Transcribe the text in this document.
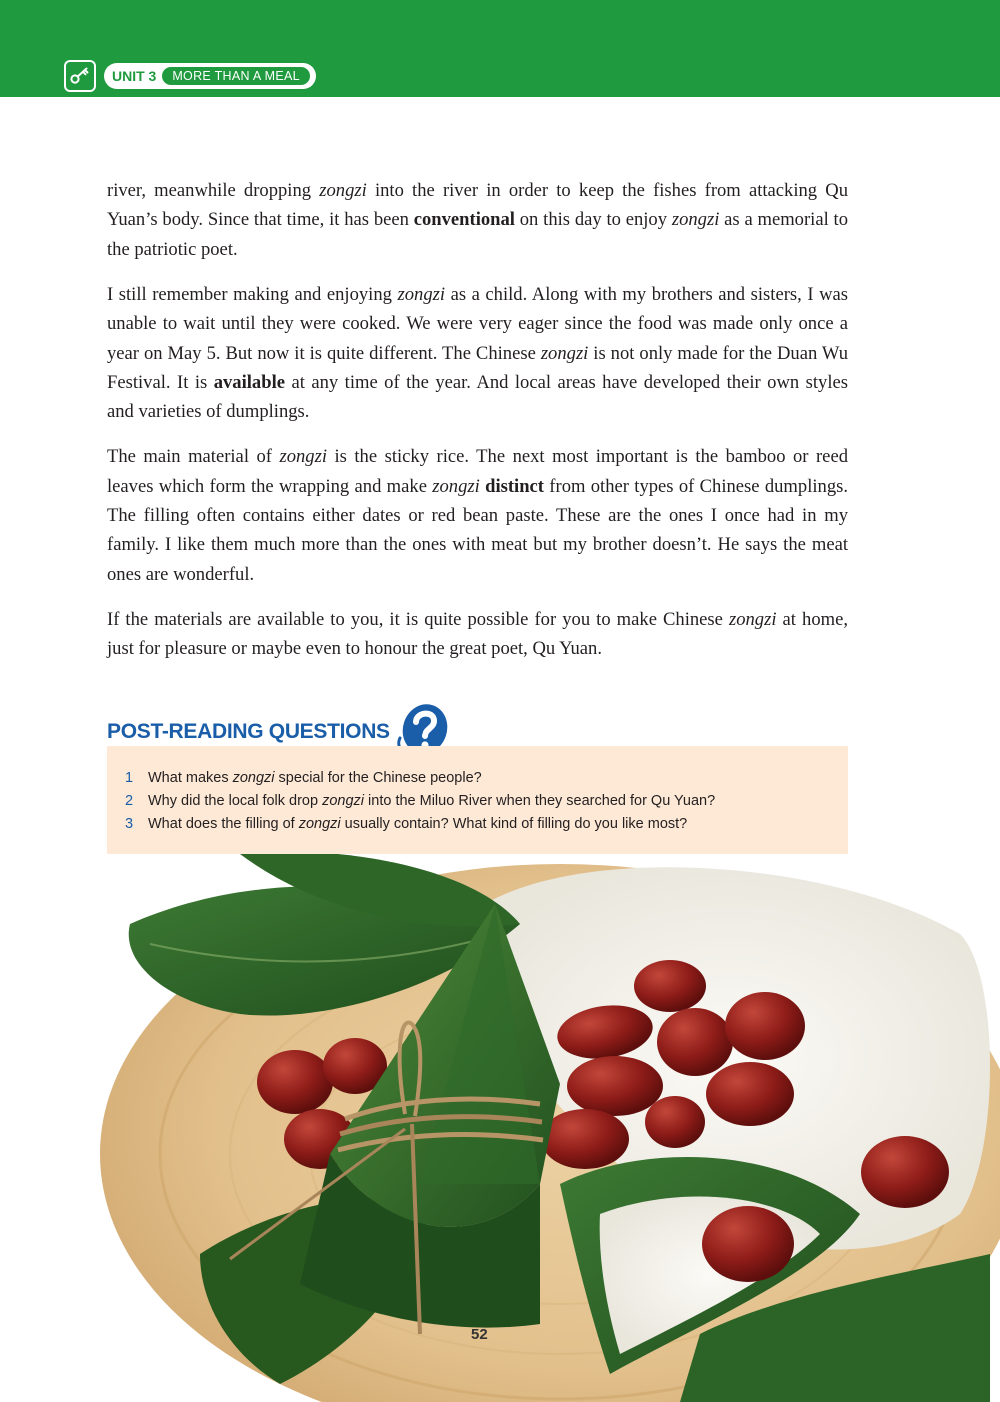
UNIT 3	MORE THAN A MEAL

river, meanwhile dropping zongzi into the river in order to keep the fishes from attacking Qu Yuan’s body. Since that time, it has been conventional on this day to enjoy zongzi as a memorial to the patriotic poet.

I still remember making and enjoying zongzi as a child. Along with my brothers and sisters, I was unable to wait until they were cooked. We were very eager since the food was made only once a year on May 5. But now it is quite different. The Chinese zongzi is not only made for the Duan Wu Festival. It is available at any time of the year. And local areas have developed their own styles and varieties of dumplings.

The main material of zongzi is the sticky rice. The next most important is the bamboo or reed leaves which form the wrapping and make zongzi distinct from other types of Chinese dumplings. The filling often contains either dates or red bean paste. These are the ones I once had in my family. I like them much more than the ones with meat but my brother doesn’t. He says the meat ones are wonderful.

If the materials are available to you, it is quite possible for you to make Chinese zongzi at home, just for pleasure or maybe even to honour the great poet, Qu Yuan.

POST-READING QUESTIONS
1	What makes zongzi special for the Chinese people?
2	Why did the local folk drop zongzi into the Miluo River when they searched for Qu Yuan?
3	What does the filling of zongzi usually contain? What kind of filling do you like most?
52
